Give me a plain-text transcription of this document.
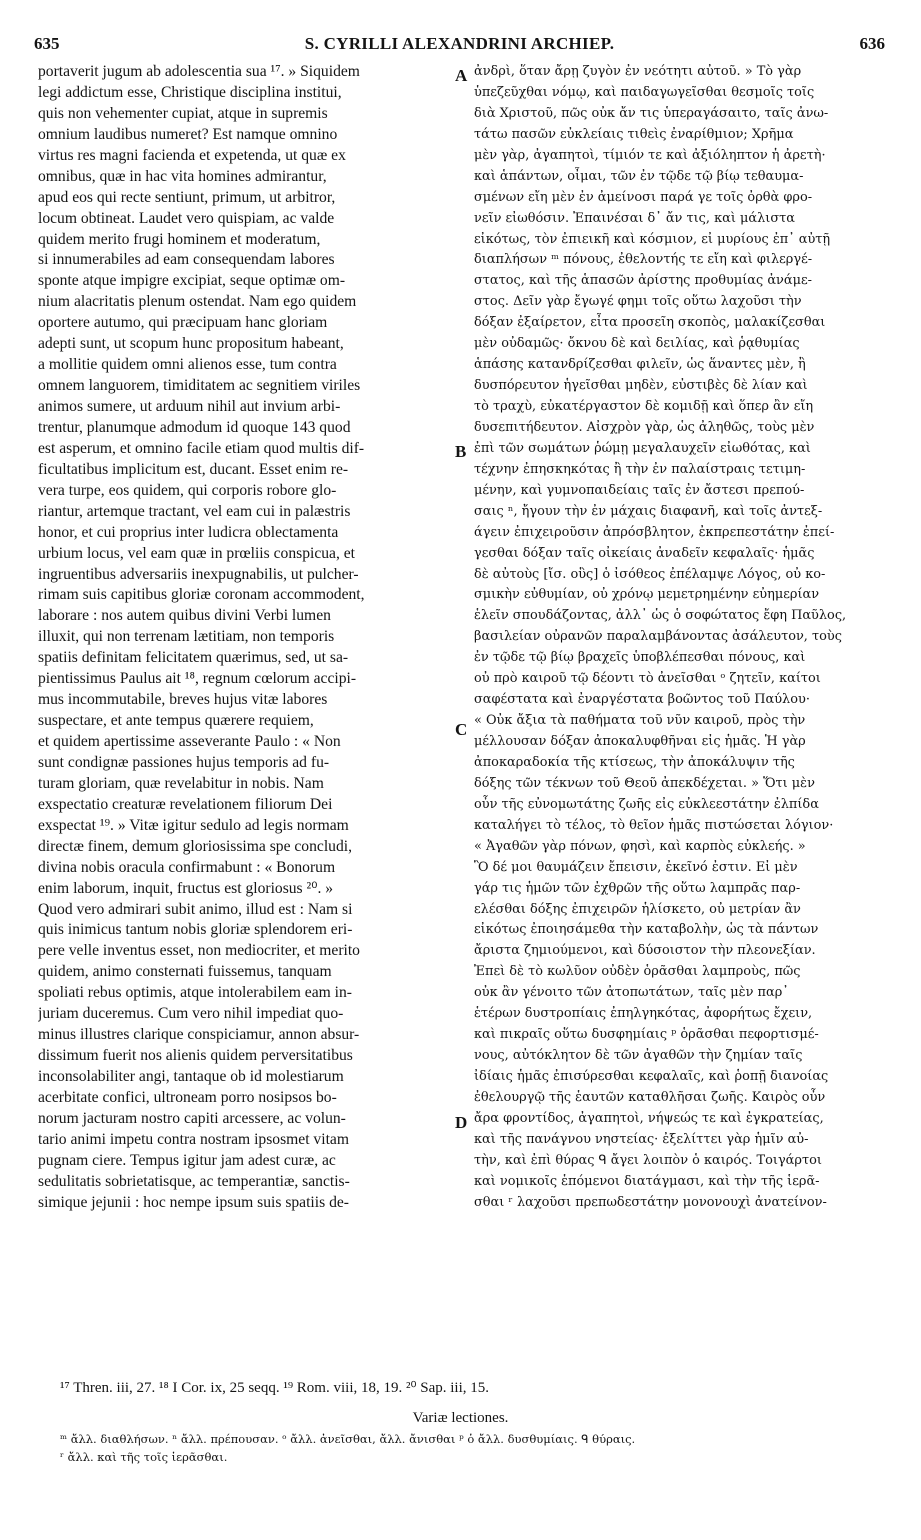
635	S. CYRILLI ALEXANDRINI ARCHIEP.	636
portaverit jugum ab adolescentia sua ¹⁷. » Siquidem
legi addictum esse, Christique disciplina institui,
quis non vehementer cupiat, atque in supremis
omnium laudibus numeret? Est namque omnino
virtus res magni facienda et expetenda, ut quæ ex
omnibus, quæ in hac vita homines admirantur,
apud eos qui recte sentiunt, primum, ut arbitror,
locum obtineat. Laudet vero quispiam, ac valde
quidem merito frugi hominem et moderatum,
si innumerabiles ad eam consequendam labores
sponte atque impigre excipiat, seque optimæ om-
nium alacritatis plenum ostendat. Nam ego quidem
oportere autumo, qui præcipuam hanc gloriam
adepti sunt, ut scopum hunc propositum habeant,
a mollitie quidem omni alienos esse, tum contra
omnem languorem, timiditatem ac segnitiem viriles
animos sumere, ut arduum nihil aut invium arbi-
trentur, planumque admodum id quoque 143 quod
est asperum, et omnino facile etiam quod multis dif-
ficultatibus implicitum est, ducant. Esset enim re-
vera turpe, eos quidem, qui corporis robore glo-
riantur, artemque tractant, vel eam cui in palæstris
honor, et cui proprius inter ludicra oblectamenta
urbium locus, vel eam quæ in prœliis conspicua, et
ingruentibus adversariis inexpugnabilis, ut pulcher-
rimam suis capitibus gloriæ coronam accommodent,
laborare : nos autem quibus divini Verbi lumen
illuxit, qui non terrenam lætitiam, non temporis
spatiis definitam felicitatem quærimus, sed, ut sa-
pientissimus Paulus ait ¹⁸, regnum cœlorum accipi-
mus incommutabile, breves hujus vitæ labores
suspectare, et ante tempus quærere requiem,
et quidem apertissime asseverante Paulo : « Non
sunt condignæ passiones hujus temporis ad fu-
turam gloriam, quæ revelabitur in nobis. Nam
exspectatio creaturæ revelationem filiorum Dei
exspectat ¹⁹. » Vitæ igitur sedulo ad legis normam
directæ finem, demum gloriosissima spe concludi,
divina nobis oracula confirmabunt : « Bonorum
enim laborum, inquit, fructus est gloriosus ²⁰. »
Quod vero admirari subit animo, illud est : Nam si
quis inimicus tantum nobis gloriæ splendorem eri-
pere velle inventus esset, non mediocriter, et merito
quidem, animo consternati fuissemus, tanquam
spoliati rebus optimis, atque intolerabilem eam in-
juriam duceremus. Cum vero nihil impediat quo-
minus illustres clarique conspiciamur, annon absur-
dissimum fuerit nos alienis quidem perversitatibus
inconsolabiliter angi, tantaque ob id molestiarum
acerbitate confici, ultroneam porro nosipsos bo-
norum jacturam nostro capiti arcessere, ac volun-
tario animi impetu contra nostram ipsosmet vitam
pugnam ciere. Tempus igitur jam adest curæ, ac
sedulitatis sobrietatisque, ac temperantiæ, sanctis-
simique jejunii : hoc nempe ipsum suis spatiis de-
ἀνδρὶ, ὅταν ἄρῃ ζυγὸν ἐν νεότητι αὐτοῦ. » Τὸ γὰρ
ὑπεζεῦχθαι νόμῳ, καὶ παιδαγωγεῖσθαι θεσμοῖς τοῖς
διὰ Χριστοῦ, πῶς οὐκ ἄν τις ὑπεραγάσαιτο, ταῖς ἀνω-
τάτω πασῶν εὐκλείαις τιθεὶς ἐναρίθμιον; Χρῆμα
μὲν γὰρ, ἀγαπητοὶ, τίμιόν τε καὶ ἀξιόληπτον ἡ ἀρετὴ·
καὶ ἁπάντων, οἶμαι, τῶν ἐν τῷδε τῷ βίῳ τεθαυμα-
σμένων εἴη μὲν ἐν ἀμείνοσι παρά γε τοῖς ὀρθὰ φρο-
νεῖν εἰωθόσιν. Ἐπαινέσαι δ᾽ ἄν τις, καὶ μάλιστα
εἰκότως, τὸν ἐπιεικῆ καὶ κόσμιον, εἰ μυρίους ἐπ᾽ αὐτῇ
διαπλήσων ᵐ πόνους, ἐθελοντής τε εἴη καὶ φιλεργέ-
στατος, καὶ τῆς ἁπασῶν ἀρίστης προθυμίας ἀνάμε-
στος. Δεῖν γὰρ ἔγωγέ φημι τοῖς οὕτω λαχοῦσι τὴν
δόξαν ἐξαίρετον, εἶτα προσεῖη σκοπὸς, μαλακίζεσθαι
μὲν οὐδαμῶς· ὄκνου δὲ καὶ δειλίας, καὶ ῥᾳθυμίας
ἁπάσης κατανδρίζεσθαι φιλεῖν, ὡς ἅναντες μὲν, ἢ
δυσπόρευτον ἡγεῖσθαι μηδὲν, εὐστιβὲς δὲ λίαν καὶ
τὸ τραχὺ, εὐκατέργαστον δὲ κομιδῇ καὶ ὅπερ ἂν εἴη
δυσεπιτήδευτον. Αἰσχρὸν γὰρ, ὡς ἀληθῶς, τοὺς μὲν
ἐπὶ τῶν σωμάτων ῥώμῃ μεγαλαυχεῖν εἰωθότας, καὶ
τέχνην ἐπησκηκότας ἢ τὴν ἐν παλαίστραις τετιμη-
μένην, καὶ γυμνοπαιδείαις ταῖς ἐν ἄστεσι πρεπού-
σαις ⁿ, ἤγουν τὴν ἐν μάχαις διαφανῆ, καὶ τοῖς ἀντεξ-
άγειν ἐπιχειροῦσιν ἀπρόσβλητον, ἐκπρεπεστάτην ἐπεί-
γεσθαι δόξαν ταῖς οἰκείαις ἀναδεῖν κεφαλαῖς· ἡμᾶς
δὲ αὐτοὺς [ἴσ. οὓς] ὁ ἰσόθεος ἐπέλαμψε Λόγος, οὐ κο-
σμικὴν εὐθυμίαν, οὐ χρόνῳ μεμετρημένην εὐημερίαν
ἑλεῖν σπουδάζοντας, ἀλλ᾽ ὡς ὁ σοφώτατος ἔφη Παῦλος,
βασιλείαν οὐρανῶν παραλαμβάνοντας ἀσάλευτον, τοὺς
ἐν τῷδε τῷ βίῳ βραχεῖς ὑποβλέπεσθαι πόνους, καὶ
οὐ πρὸ καιροῦ τῷ δέοντι τὸ ἀνεῖσθαι ᵒ ζητεῖν, καίτοι
σαφέστατα καὶ ἐναργέστατα βοῶντος τοῦ Παύλου·
« Οὐκ ἄξια τὰ παθήματα τοῦ νῦν καιροῦ, πρὸς τὴν
μέλλουσαν δόξαν ἀποκαλυφθῆναι εἰς ἡμᾶς. Ἡ γὰρ
ἀποκαραδοκία τῆς κτίσεως, τὴν ἀποκάλυψιν τῆς
δόξης τῶν τέκνων τοῦ Θεοῦ ἀπεκδέχεται. » Ὅτι μὲν
οὖν τῆς εὐνομωτάτης ζωῆς εἰς εὐκλεεστάτην ἐλπίδα
καταλήγει τὸ τέλος, τὸ θεῖον ἡμᾶς πιστώσεται λόγιον·
« Ἀγαθῶν γὰρ πόνων, φησὶ, καὶ καρπὸς εὐκλεής. »
Ὃ δέ μοι θαυμάζειν ἔπεισιν, ἐκεῖνό ἐστιν. Εἰ μὲν
γάρ τις ἡμῶν τῶν ἐχθρῶν τῆς οὕτω λαμπρᾶς παρ-
ελέσθαι δόξης ἐπιχειρῶν ἡλίσκετο, οὐ μετρίαν ἂν
εἰκότως ἐποιησάμεθα τὴν καταβολὴν, ὡς τὰ πάντων
ἄριστα ζημιούμενοι, καὶ δύσοιστον τὴν πλεονεξίαν.
Ἐπεὶ δὲ τὸ κωλῦον οὐδὲν ὁρᾶσθαι λαμπροὺς, πῶς
οὐκ ἂν γένοιτο τῶν ἀτοπωτάτων, ταῖς μὲν παρ᾽
ἑτέρων δυστροπίαις ἐπηλγηκότας, ἀφορήτως ἔχειν,
καὶ πικραῖς οὕτω δυσφημίαις ᵖ ὁρᾶσθαι πεφορτισμέ-
νους, αὐτόκλητον δὲ τῶν ἀγαθῶν τὴν ζημίαν ταῖς
ἰδίαις ἡμᾶς ἐπισύρεσθαι κεφαλαῖς, καὶ ῥοπῇ διανοίας
ἐθελουργῷ τῆς ἑαυτῶν καταθλῆσαι ζωῆς. Καιρὸς οὖν
ἄρα φροντίδος, ἀγαπητοὶ, νήψεώς τε καὶ ἐγκρατείας,
καὶ τῆς πανάγνου νηστείας· ἐξελίττει γὰρ ἡμῖν αὐ-
τὴν, καὶ ἐπὶ θύρας ᑫ ἄγει λοιπὸν ὁ καιρός. Τοιγάρτοι
καὶ νομικοῖς ἑπόμενοι διατάγμασι, καὶ τὴν τῆς ἱερᾶ-
σθαι ʳ λαχοῦσι πρεπωδεστάτην μονονουχὶ ἀνατείνον-
A
B
C
D
¹⁷ Thren. iii, 27. ¹⁸ I Cor. ix, 25 seqq. ¹⁹ Rom. viii, 18, 19. ²⁰ Sap. iii, 15.
Variæ lectiones.
ᵐ ἄλλ. διαθλήσων. ⁿ ἄλλ. πρέπουσαν. ᵒ ἄλλ. ἀνεῖσθαι, ἄλλ. ἄνισθαι ᵖ ὁ ἄλλ. δυσθυμίαις. ᑫ θύραις.
ʳ ἄλλ. καὶ τῆς τοῖς ἱερᾶσθαι.
